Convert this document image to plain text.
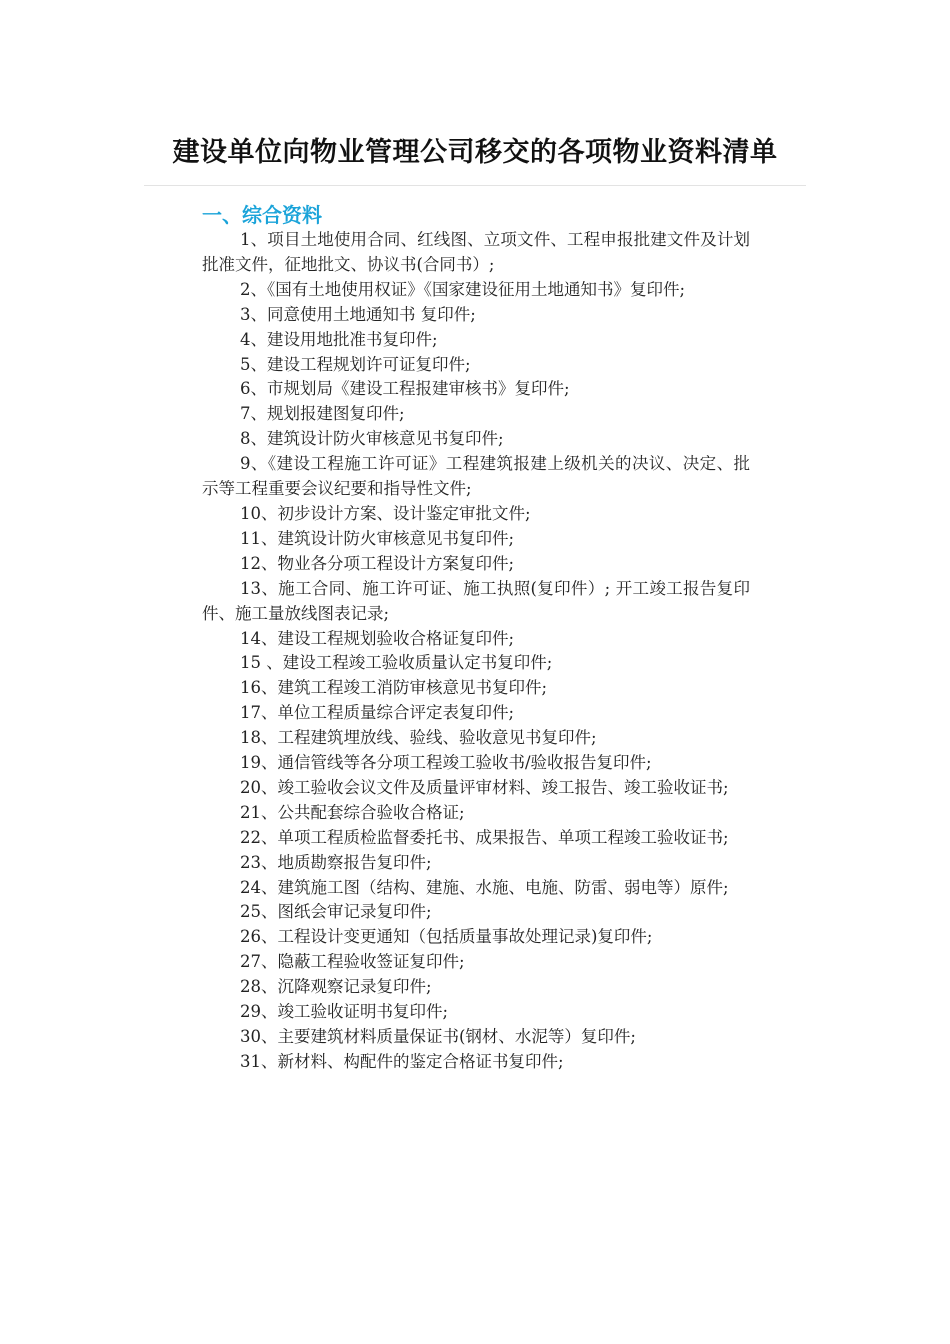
建设单位向物业管理公司移交的各项物业资料清单
一、综合资料

1、项目土地使用合同、红线图、立项文件、工程申报批建文件及计划批准文件，征地批文、协议书(合同书）;

2、《国有土地使用权证》《国家建设征用土地通知书》复印件;

3、同意使用土地通知书 复印件;

4、建设用地批准书复印件;

5、建设工程规划许可证复印件;

6、市规划局《建设工程报建审核书》复印件;

7、规划报建图复印件;

8、建筑设计防火审核意见书复印件;

9、《建设工程施工许可证》工程建筑报建上级机关的决议、决定、批示等工程重要会议纪要和指导性文件;

10、初步设计方案、设计鉴定审批文件;

11、建筑设计防火审核意见书复印件;

12、物业各分项工程设计方案复印件;

13、施工合同、施工许可证、施工执照(复印件）; 开工竣工报告复印件、施工量放线图表记录;

14、建设工程规划验收合格证复印件;

15 、建设工程竣工验收质量认定书复印件;

16、建筑工程竣工消防审核意见书复印件;

17、单位工程质量综合评定表复印件;

18、工程建筑埋放线、验线、验收意见书复印件;

19、通信管线等各分项工程竣工验收书/验收报告复印件;

20、竣工验收会议文件及质量评审材料、竣工报告、竣工验收证书;

21、公共配套综合验收合格证;

22、单项工程质检监督委托书、成果报告、单项工程竣工验收证书;

23、地质勘察报告复印件;

24、建筑施工图（结构、建施、水施、电施、防雷、弱电等）原件;

25、图纸会审记录复印件;

26、工程设计变更通知（包括质量事故处理记录)复印件;

27、隐蔽工程验收签证复印件;

28、沉降观察记录复印件;

29、竣工验收证明书复印件;

30、主要建筑材料质量保证书(钢材、水泥等）复印件;

31、新材料、构配件的鉴定合格证书复印件;
